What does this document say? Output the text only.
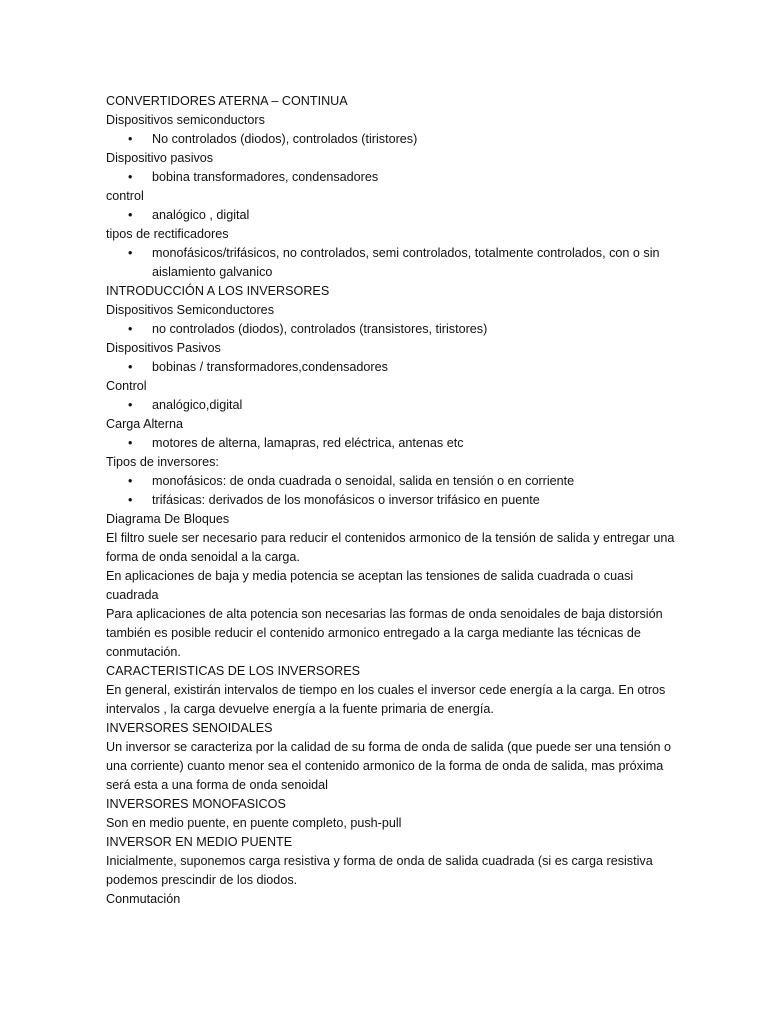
CONVERTIDORES ATERNA – CONTINUA
Dispositivos semiconductors
• No controlados (diodos), controlados (tiristores)
Dispositivo pasivos
• bobina transformadores, condensadores
control
• analógico , digital
tipos de rectificadores
• monofásicos/trifásicos, no controlados, semi controlados, totalmente controlados, con o sin aislamiento galvanico
INTRODUCCIÓN A LOS INVERSORES
Dispositivos Semiconductores
• no controlados (diodos), controlados (transistores, tiristores)
Dispositivos Pasivos
• bobinas / transformadores,condensadores
Control
• analógico,digital
Carga Alterna
• motores de alterna, lamapras, red eléctrica, antenas etc
Tipos de inversores:
• monofásicos: de onda cuadrada o senoidal, salida en tensión o en corriente
• trifásicas: derivados de los monofásicos o inversor trifásico en puente
Diagrama De Bloques
El filtro suele ser necesario para reducir el contenidos armonico de la tensión de salida y entregar una forma de onda senoidal a la carga.
En aplicaciones de baja y media potencia se aceptan las tensiones de salida cuadrada o cuasi cuadrada
Para aplicaciones de alta potencia son necesarias las formas de onda senoidales de baja distorsión también es posible reducir el contenido armonico entregado a la carga mediante las técnicas de conmutación.
CARACTERISTICAS DE LOS INVERSORES
En general, existirán intervalos de tiempo en los cuales el inversor cede energía a la carga. En otros intervalos , la carga devuelve energía a la fuente primaria de energía.
INVERSORES SENOIDALES
Un inversor se caracteriza por la calidad de su forma de onda de salida (que puede ser una tensión o una corriente) cuanto menor sea el contenido armonico de la forma de onda de salida, mas próxima será esta a una forma de onda senoidal
INVERSORES MONOFASICOS
Son en medio puente, en puente completo, push-pull
INVERSOR EN MEDIO PUENTE
Inicialmente, suponemos carga resistiva y forma de onda de salida cuadrada (si es carga resistiva podemos prescindir de los diodos.
Conmutación
